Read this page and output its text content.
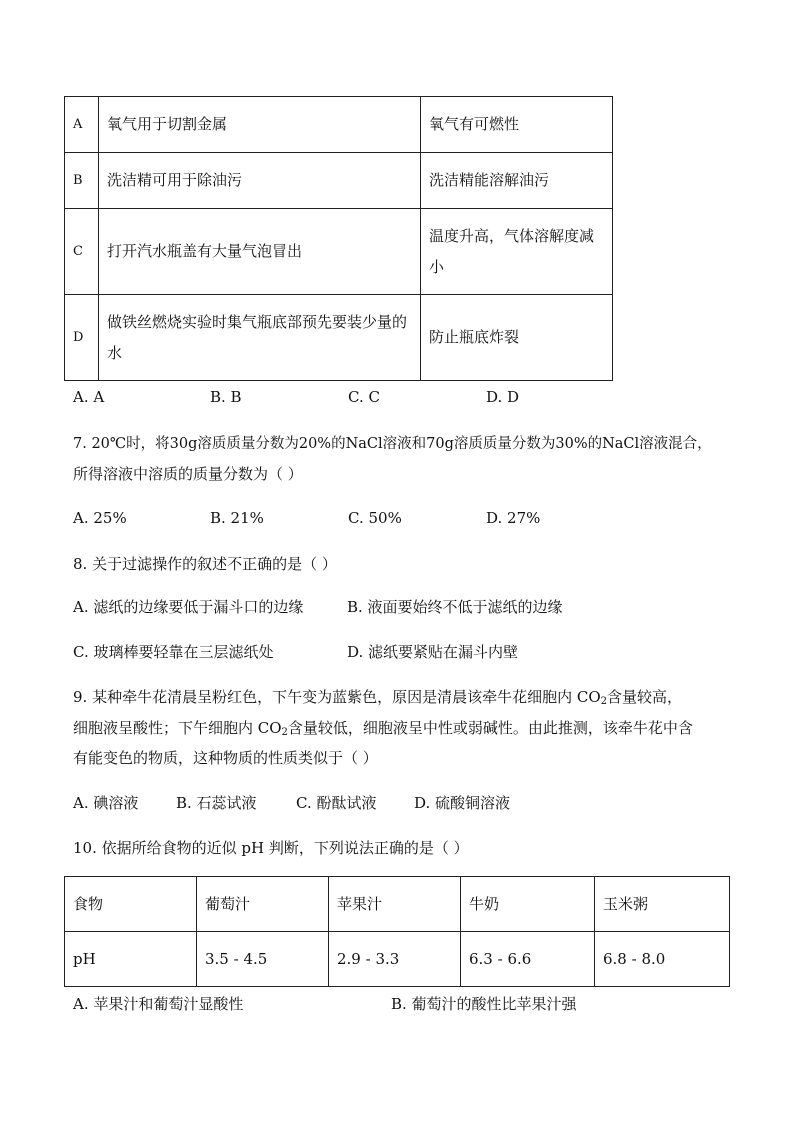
A	氧气用于切割金属	氧气有可燃性
B	洗洁精可用于除油污	洗洁精能溶解油污
C	打开汽水瓶盖有大量气泡冒出	温度升高，气体溶解度减小
D	做铁丝燃烧实验时集气瓶底部预先要装少量的水	防止瓶底炸裂
A. A	B. B	C. C	D. D
7. 20℃时，将30g溶质质量分数为20%的NaCl溶液和70g溶质质量分数为30%的NaCl溶液混合，
所得溶液中溶质的质量分数为（ ）
A. 25%	B. 21%	C. 50%	D. 27%
8. 关于过滤操作的叙述不正确的是（ ）
A. 滤纸的边缘要低于漏斗口的边缘	B. 液面要始终不低于滤纸的边缘
C. 玻璃棒要轻靠在三层滤纸处	D. 滤纸要紧贴在漏斗内壁
9. 某种牵牛花清晨呈粉红色，下午变为蓝紫色，原因是清晨该牵牛花细胞内 $CO_2$含量较高，
细胞液呈酸性；下午细胞内 $CO_2$含量较低，细胞液呈中性或弱碱性。由此推测，该牵牛花中含
有能变色的物质，这种物质的性质类似于（ ）
A. 碘溶液	B. 石蕊试液	C. 酚酞试液	D. 硫酸铜溶液
10. 依据所给食物的近似 pH 判断，下列说法正确的是（ ）
食物	葡萄汁	苹果汁	牛奶	玉米粥
pH	3.5 - 4.5	2.9 - 3.3	6.3 - 6.6	6.8 - 8.0
A. 苹果汁和葡萄汁显酸性	B. 葡萄汁的酸性比苹果汁强
